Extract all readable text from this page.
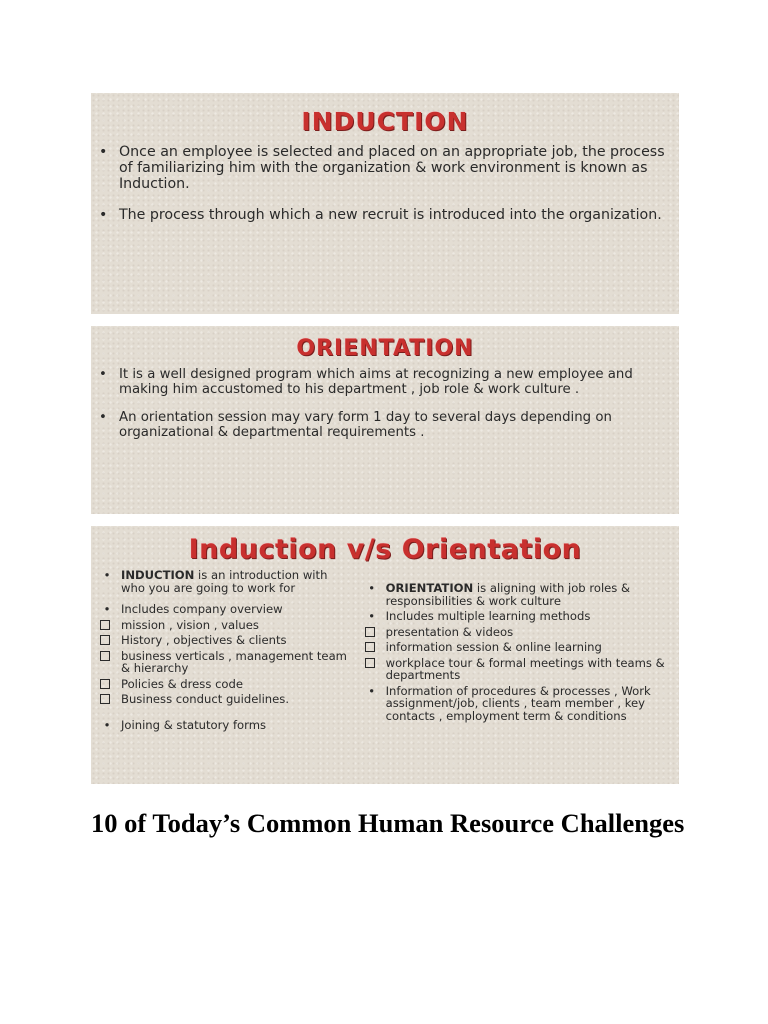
INDUCTION
• Once an employee is selected and placed on an appropriate job, the process of familiarizing him with the organization & work environment is known as Induction.
• The process through which a new recruit is introduced into the organization.
ORIENTATION
• It is a well designed program which aims at recognizing a new employee and making him accustomed to his department , job role & work culture .
• An orientation session may vary form 1 day to several days depending on organizational & departmental requirements .
Induction v/s Orientation
• INDUCTION is an introduction with who you are going to work for
• Includes company overview
mission , vision , values
History , objectives & clients
business verticals , management team & hierarchy
Policies & dress code
Business conduct guidelines.
• Joining & statutory forms
• ORIENTATION is aligning with job roles & responsibilities & work culture
• Includes multiple learning methods
presentation & videos
information session & online learning
workplace tour & formal meetings with teams & departments
• Information of procedures & processes , Work assignment/job, clients , team member , key contacts , employment term & conditions
10 of Today’s Common Human Resource Challenges
